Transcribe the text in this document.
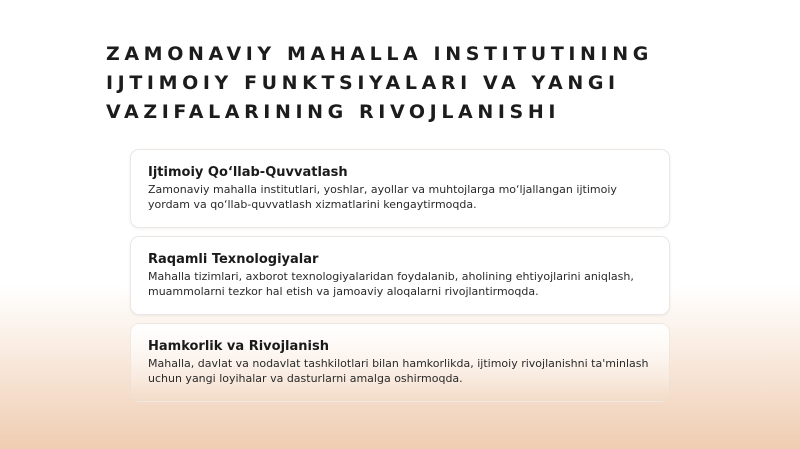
ZAMONAVIY MAHALLA INSTITUTINING IJTIMOIY FUNKTSIYALARI VA YANGI VAZIFALARINING RIVOJLANISHI
Ijtimoiy Qo‘llab-Quvvatlash

Zamonaviy mahalla institutlari, yoshlar, ayollar va muhtojlarga mo‘ljallangan ijtimoiy yordam va qo‘llab-quvvatlash xizmatlarini kengaytirmoqda.

Raqamli Texnologiyalar

Mahalla tizimlari, axborot texnologiyalaridan foydalanib, aholining ehtiyojlarini aniqlash, muammolarni tezkor hal etish va jamoaviy aloqalarni rivojlantirmoqda.

Hamkorlik va Rivojlanish

Mahalla, davlat va nodavlat tashkilotlari bilan hamkorlikda, ijtimoiy rivojlanishni ta'minlash uchun yangi loyihalar va dasturlarni amalga oshirmoqda.
